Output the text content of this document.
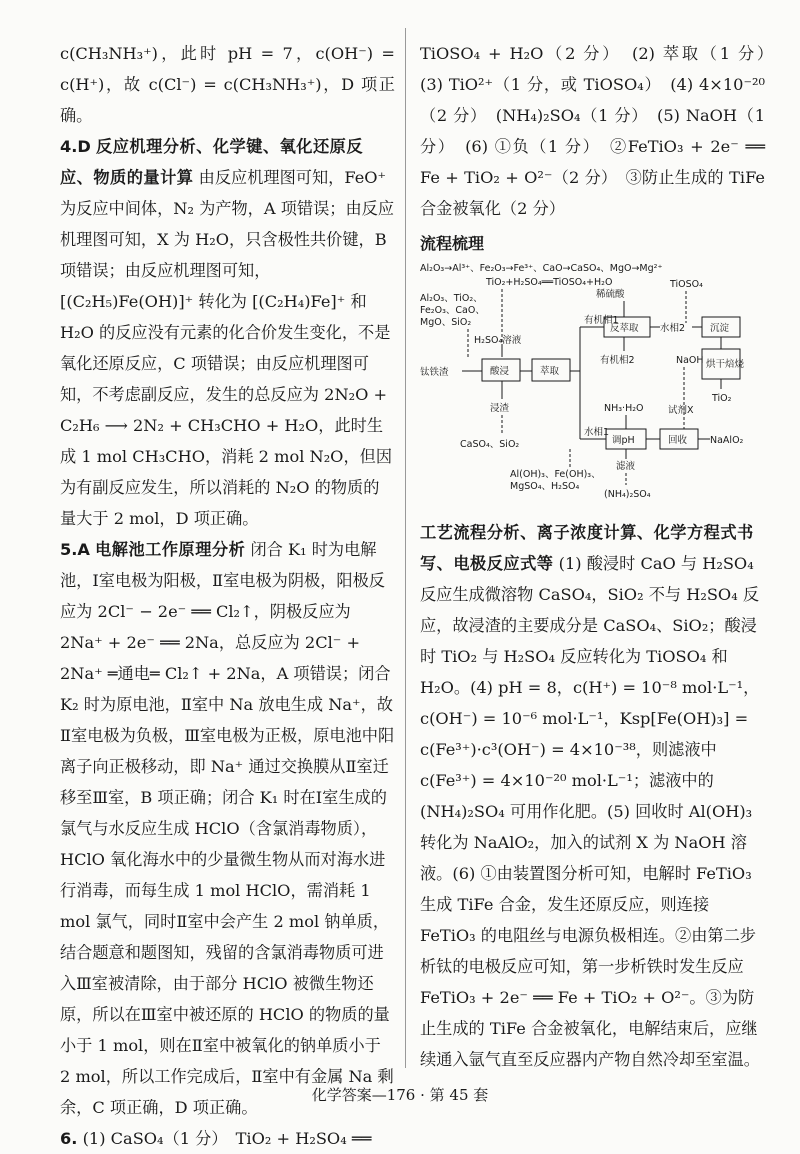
c(CH₃NH₃⁺)，此时 pH = 7，c(OH⁻) = c(H⁺)，故 c(Cl⁻) = c(CH₃NH₃⁺)，D 项正确。

4.D 反应机理分析、化学键、氧化还原反应、物质的量计算 由反应机理图可知，FeO⁺ 为反应中间体，N₂ 为产物，A 项错误；由反应机理图可知，X 为 H₂O，只含极性共价键，B 项错误；由反应机理图可知，[(C₂H₅)Fe(OH)]⁺ 转化为 [(C₂H₄)Fe]⁺ 和 H₂O 的反应没有元素的化合价发生变化，不是氧化还原反应，C 项错误；由反应机理图可知，不考虑副反应，发生的总反应为 2N₂O + C₂H₆ ⟶ 2N₂ + CH₃CHO + H₂O，此时生成 1 mol CH₃CHO，消耗 2 mol N₂O，但因为有副反应发生，所以消耗的 N₂O 的物质的量大于 2 mol，D 项正确。
5.A 电解池工作原理分析 闭合 K₁ 时为电解池，Ⅰ室电极为阳极，Ⅱ室电极为阴极，阳极反应为 2Cl⁻ − 2e⁻ ══ Cl₂↑，阴极反应为 2Na⁺ + 2e⁻ ══ 2Na，总反应为 2Cl⁻ + 2Na⁺ ═通电═ Cl₂↑ + 2Na，A 项错误；闭合 K₂ 时为原电池，Ⅱ室中 Na 放电生成 Na⁺，故Ⅱ室电极为负极，Ⅲ室电极为正极，原电池中阳离子向正极移动，即 Na⁺ 通过交换膜从Ⅱ室迁移至Ⅲ室，B 项正确；闭合 K₁ 时在Ⅰ室生成的氯气与水反应生成 HClO（含氯消毒物质），HClO 氧化海水中的少量微生物从而对海水进行消毒，而每生成 1 mol HClO，需消耗 1 mol 氯气，同时Ⅱ室中会产生 2 mol 钠单质，结合题意和题图知，残留的含氯消毒物质可进入Ⅲ室被清除，由于部分 HClO 被微生物还原，所以在Ⅲ室中被还原的 HClO 的物质的量小于 1 mol，则在Ⅱ室中被氧化的钠单质小于 2 mol，所以工作完成后，Ⅱ室中有金属 Na 剩余，C 项正确，D 项正确。
6. (1) CaSO₄（1 分）　TiO₂ + H₂SO₄ ══

TiOSO₄ + H₂O（2 分）　(2) 萃取（1 分）　(3) TiO²⁺（1 分，或 TiOSO₄）　(4) 4×10⁻²⁰（2 分）　(NH₄)₂SO₄（1 分）　(5) NaOH（1 分）　(6) ①负（1 分）　②FeTiO₃ + 2e⁻ ══ Fe + TiO₂ + O²⁻（2 分）　③防止生成的 TiFe 合金被氧化（2 分）

流程梳理
Al₂O₃→Al³⁺、Fe₂O₃→Fe³⁺、CaO→CaSO₄、MgO→Mg²⁺
TiO₂+H₂SO₄══TiOSO₄+H₂O
Al₂O₃、TiO₂、
Fe₂O₃、CaO、
MgO、SiO₂
H₂SO₄溶液
钛铁渣	酸浸	萃取
浸渣
CaSO₄、SiO₂
有机相1
稀硫酸
反萃取
有机相2
水相2
TiOSO₄
沉淀
NaOH 烘干焙烧
TiO₂
NH₃·H₂O	试剂X
水相1
调pH	回收 NaAlO₂
滤液
(NH₄)₂SO₄
Al(OH)₃、Fe(OH)₃、
MgSO₄、H₂SO₄
工艺流程分析、离子浓度计算、化学方程式书写、电极反应式等 (1) 酸浸时 CaO 与 H₂SO₄ 反应生成微溶物 CaSO₄，SiO₂ 不与 H₂SO₄ 反应，故浸渣的主要成分是 CaSO₄、SiO₂；酸浸时 TiO₂ 与 H₂SO₄ 反应转化为 TiOSO₄ 和 H₂O。(4) pH = 8，c(H⁺) = 10⁻⁸ mol·L⁻¹，c(OH⁻) = 10⁻⁶ mol·L⁻¹，Ksp[Fe(OH)₃] = c(Fe³⁺)·c³(OH⁻) = 4×10⁻³⁸，则滤液中 c(Fe³⁺) = 4×10⁻²⁰ mol·L⁻¹；滤液中的 (NH₄)₂SO₄ 可用作化肥。(5) 回收时 Al(OH)₃ 转化为 NaAlO₂，加入的试剂 X 为 NaOH 溶液。(6) ①由装置图分析可知，电解时 FeTiO₃ 生成 TiFe 合金，发生还原反应，则连接 FeTiO₃ 的电阻丝与电源负极相连。②由第二步析钛的电极反应可知，第一步析铁时发生反应 FeTiO₃ + 2e⁻ ══ Fe + TiO₂ + O²⁻。③为防止生成的 TiFe 合金被氧化，电解结束后，应继续通入氩气直至反应器内产物自然冷却至室温。
化学答案—176 · 第 45 套
